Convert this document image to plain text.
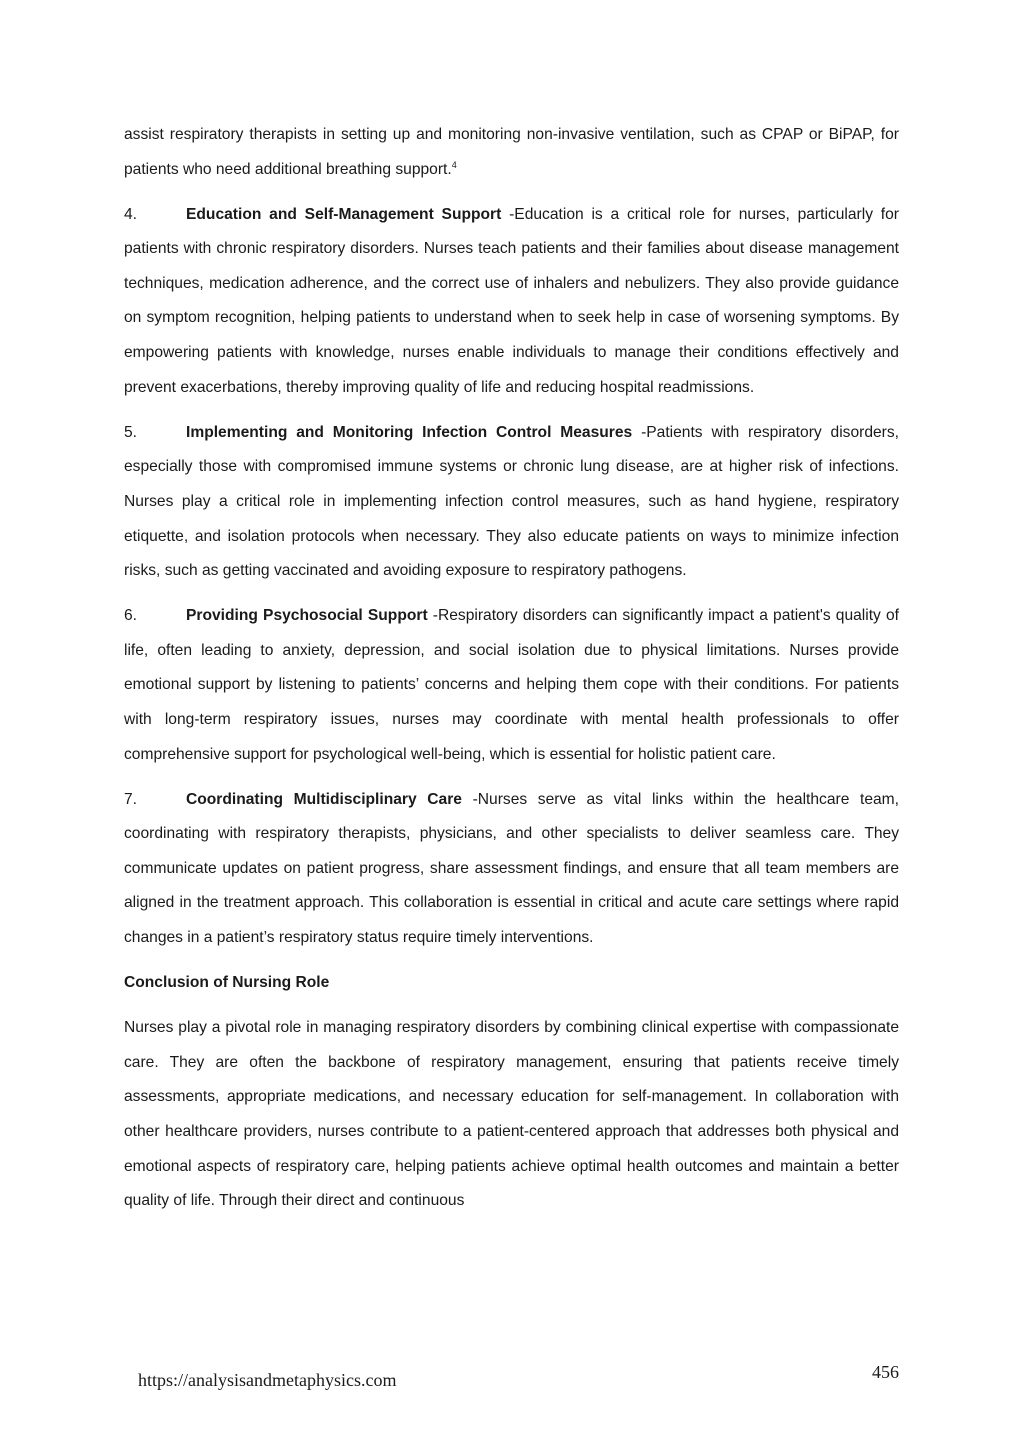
assist respiratory therapists in setting up and monitoring non-invasive ventilation, such as CPAP or BiPAP, for patients who need additional breathing support.$^4$

4.	Education and Self-Management Support -Education is a critical role for nurses, particularly for patients with chronic respiratory disorders. Nurses teach patients and their families about disease management techniques, medication adherence, and the correct use of inhalers and nebulizers. They also provide guidance on symptom recognition, helping patients to understand when to seek help in case of worsening symptoms. By empowering patients with knowledge, nurses enable individuals to manage their conditions effectively and prevent exacerbations, thereby improving quality of life and reducing hospital readmissions.

5.	Implementing and Monitoring Infection Control Measures -Patients with respiratory disorders, especially those with compromised immune systems or chronic lung disease, are at higher risk of infections. Nurses play a critical role in implementing infection control measures, such as hand hygiene, respiratory etiquette, and isolation protocols when necessary. They also educate patients on ways to minimize infection risks, such as getting vaccinated and avoiding exposure to respiratory pathogens.

6.	Providing Psychosocial Support -Respiratory disorders can significantly impact a patient's quality of life, often leading to anxiety, depression, and social isolation due to physical limitations. Nurses provide emotional support by listening to patients’ concerns and helping them cope with their conditions. For patients with long-term respiratory issues, nurses may coordinate with mental health professionals to offer comprehensive support for psychological well-being, which is essential for holistic patient care.

7.	Coordinating Multidisciplinary Care -Nurses serve as vital links within the healthcare team, coordinating with respiratory therapists, physicians, and other specialists to deliver seamless care. They communicate updates on patient progress, share assessment findings, and ensure that all team members are aligned in the treatment approach. This collaboration is essential in critical and acute care settings where rapid changes in a patient’s respiratory status require timely interventions.

Conclusion of Nursing Role

Nurses play a pivotal role in managing respiratory disorders by combining clinical expertise with compassionate care. They are often the backbone of respiratory management, ensuring that patients receive timely assessments, appropriate medications, and necessary education for self-management. In collaboration with other healthcare providers, nurses contribute to a patient-centered approach that addresses both physical and emotional aspects of respiratory care, helping patients achieve optimal health outcomes and maintain a better quality of life. Through their direct and continuous

https://analysisandmetaphysics.com	456
